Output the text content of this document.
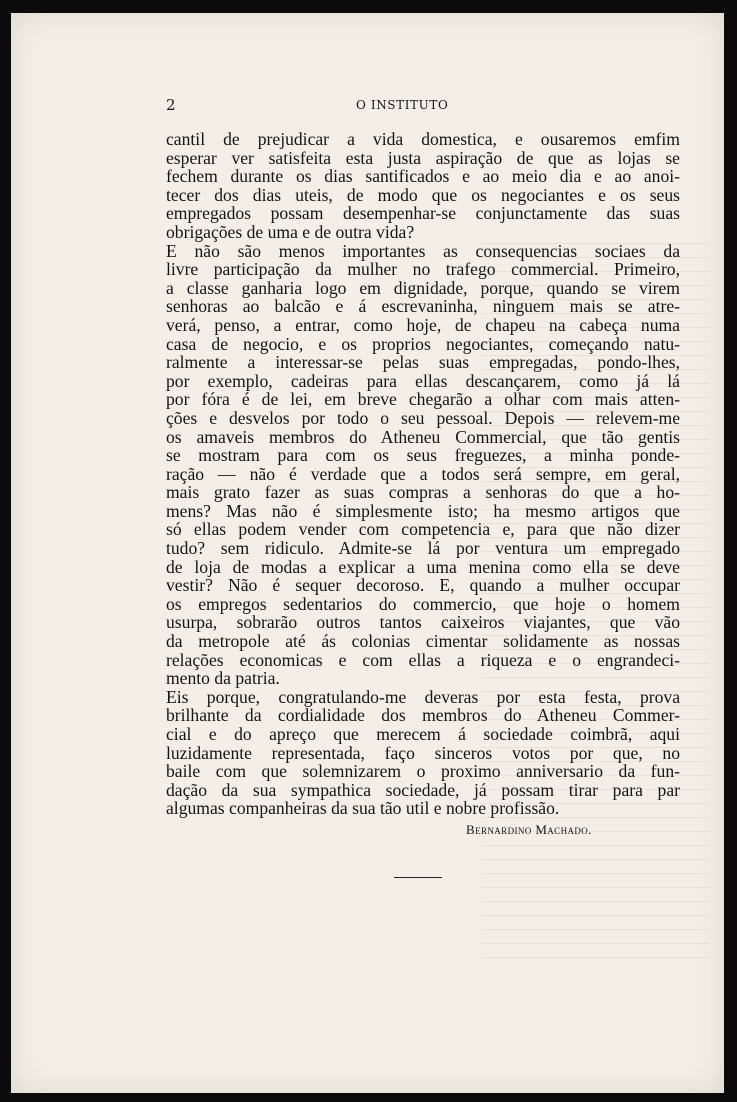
2	O INSTITUTO

cantil de prejudicar a vida domestica, e ousaremos emfim

esperar ver satisfeita esta justa aspiração de que as lojas se

fechem durante os dias santificados e ao meio dia e ao anoi-

tecer dos dias uteis, de modo que os negociantes e os seus

empregados possam desempenhar-se conjunctamente das suas

obrigações de uma e de outra vida?

E não são menos importantes as consequencias sociaes da

livre participação da mulher no trafego commercial. Primeiro,

a classe ganharia logo em dignidade, porque, quando se virem

senhoras ao balcão e á escrevaninha, ninguem mais se atre-

verá, penso, a entrar, como hoje, de chapeu na cabeça numa

casa de negocio, e os proprios negociantes, começando natu-

ralmente a interessar-se pelas suas empregadas, pondo-lhes,

por exemplo, cadeiras para ellas descançarem, como já lá

por fóra é de lei, em breve chegarão a olhar com mais atten-

ções e desvelos por todo o seu pessoal. Depois — relevem-me

os amaveis membros do Atheneu Commercial, que tão gentis

se mostram para com os seus freguezes, a minha ponde-

ração — não é verdade que a todos será sempre, em geral,

mais grato fazer as suas compras a senhoras do que a ho-

mens? Mas não é simplesmente isto; ha mesmo artigos que

só ellas podem vender com competencia e, para que não dizer

tudo? sem ridiculo. Admite-se lá por ventura um empregado

de loja de modas a explicar a uma menina como ella se deve

vestir? Não é sequer decoroso. E, quando a mulher occupar

os empregos sedentarios do commercio, que hoje o homem

usurpa, sobrarão outros tantos caixeiros viajantes, que vão

da metropole até ás colonias cimentar solidamente as nossas

relações economicas e com ellas a riqueza e o engrandeci-

mento da patria.

Eis porque, congratulando-me deveras por esta festa, prova

brilhante da cordialidade dos membros do Atheneu Commer-

cial e do apreço que merecem á sociedade coimbrã, aqui

luzidamente representada, faço sinceros votos por que, no

baile com que solemnizarem o proximo anniversario da fun-

dação da sua sympathica sociedade, já possam tirar para par

algumas companheiras da sua tão util e nobre profissão.

Bernardino Machado.
